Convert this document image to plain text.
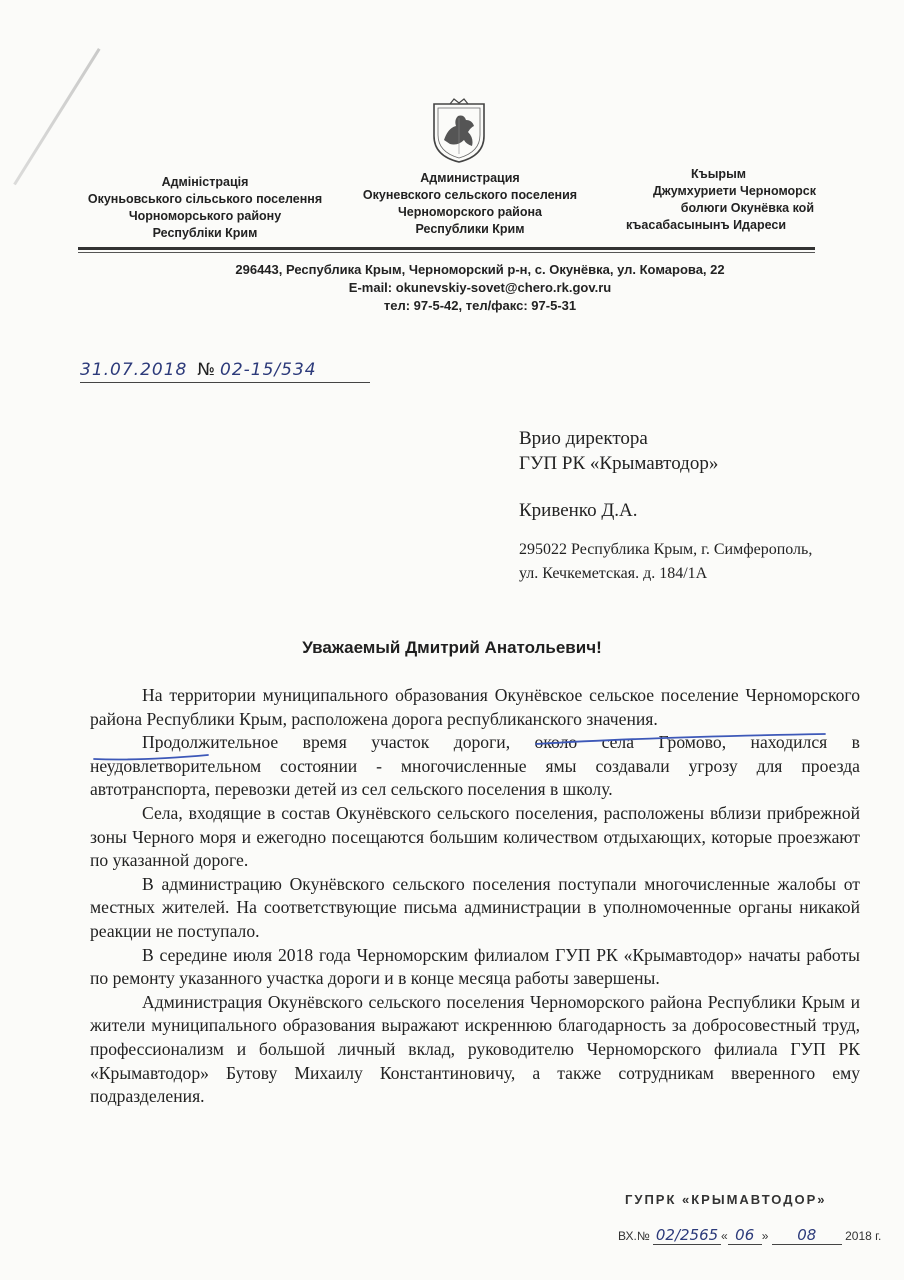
Адміністрація
Окуньовського сільського поселення
Чорноморського району
Республіки Крим
Администрация
Окуневского сельского поселения
Черноморского района
Республики Крим
Къырым
Джумхуриети Черноморск
болюги Окунёвка кой
къасабасынынъ Идареси
296443, Республика Крым, Черноморский р-н, с. Окунёвка, ул. Комарова, 22
E-mail: okunevskiy-sovet@chero.rk.gov.ru
тел: 97-5-42, тел/факс: 97-5-31
31.07.2018 № 02-15/534
Врио директора
ГУП РК «Крымавтодор»
Кривенко Д.А.
295022 Республика Крым, г. Симферополь,
ул. Кечкеметская. д. 184/1А
Уважаемый Дмитрий Анатольевич!

На территории муниципального образования Окунёвское сельское поселение Черноморского района Республики Крым, расположена дорога республиканского значения.

Продолжительное время участок дороги, около села Громово, находился в неудовлетворительном состоянии - многочисленные ямы создавали угрозу для проезда автотранспорта, перевозки детей из сел сельского поселения в школу.

Села, входящие в состав Окунёвского сельского поселения, расположены вблизи прибрежной зоны Черного моря и ежегодно посещаются большим количеством отдыхающих, которые проезжают по указанной дороге.

В администрацию Окунёвского сельского поселения поступали многочисленные жалобы от местных жителей. На соответствующие письма администрации в уполномоченные органы никакой реакции не поступало.

В середине июля 2018 года Черноморским филиалом ГУП РК «Крымавтодор» начаты работы по ремонту указанного участка дороги и в конце месяца работы завершены.

Администрация Окунёвского сельского поселения Черноморского района Республики Крым и жители муниципального образования выражают искреннюю благодарность за добросовестный труд, профессионализм и большой личный вклад, руководителю Черноморского филиала ГУП РК «Крымавтодор» Бутову Михаилу Константиновичу, а также сотрудникам вверенного ему подразделения.

ГУПРК «КРЫМАВТОДОР»
ВХ.№ 02/2565 « 06 » 08 2018 г.
